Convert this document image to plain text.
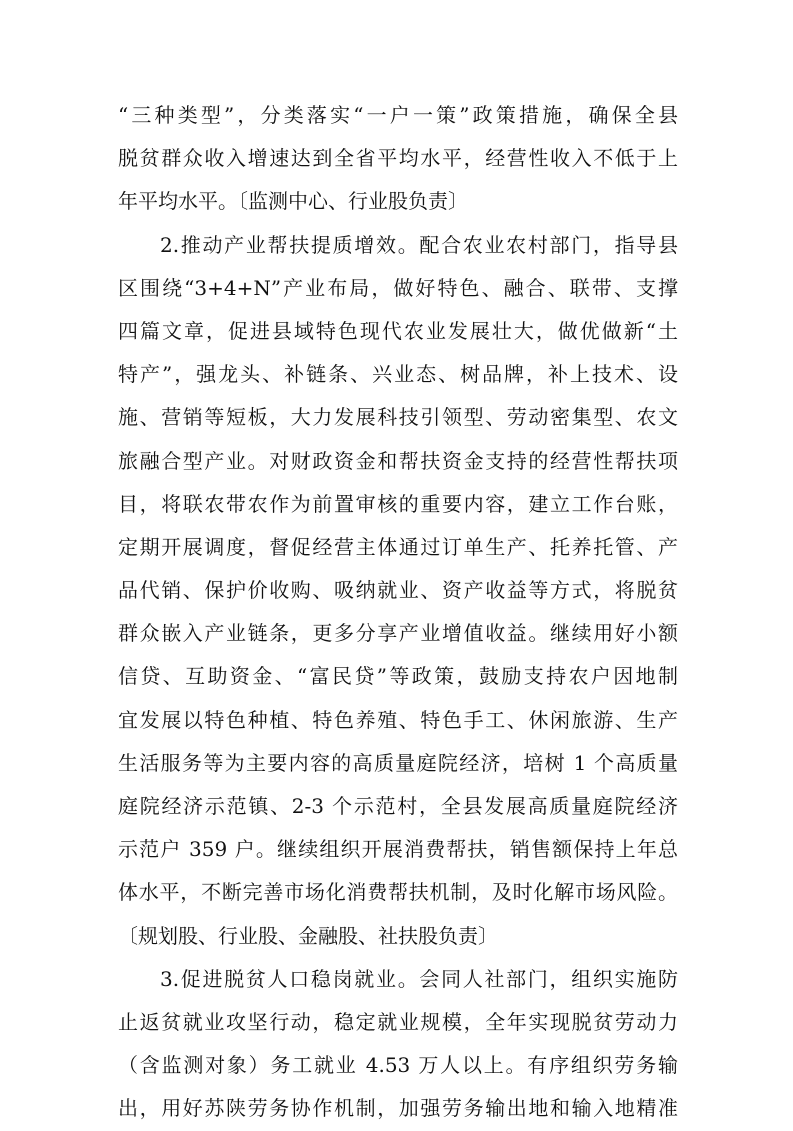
“三种类型”，分类落实“一户一策”政策措施，确保全县
脱贫群众收入增速达到全省平均水平，经营性收入不低于上
年平均水平。〔监测中心、行业股负责〕
2.推动产业帮扶提质增效。配合农业农村部门，指导县
区围绕“3+4+N”产业布局，做好特色、融合、联带、支撑
四篇文章，促进县域特色现代农业发展壮大，做优做新“土
特产”，强龙头、补链条、兴业态、树品牌，补上技术、设
施、营销等短板，大力发展科技引领型、劳动密集型、农文
旅融合型产业。对财政资金和帮扶资金支持的经营性帮扶项
目，将联农带农作为前置审核的重要内容，建立工作台账，
定期开展调度，督促经营主体通过订单生产、托养托管、产
品代销、保护价收购、吸纳就业、资产收益等方式，将脱贫
群众嵌入产业链条，更多分享产业增值收益。继续用好小额
信贷、互助资金、“富民贷”等政策，鼓励支持农户因地制
宜发展以特色种植、特色养殖、特色手工、休闲旅游、生产
生活服务等为主要内容的高质量庭院经济，培树 1 个高质量
庭院经济示范镇、2-3 个示范村，全县发展高质量庭院经济
示范户 359 户。继续组织开展消费帮扶，销售额保持上年总
体水平，不断完善市场化消费帮扶机制，及时化解市场风险。
〔规划股、行业股、金融股、社扶股负责〕
3.促进脱贫人口稳岗就业。会同人社部门，组织实施防
止返贫就业攻坚行动，稳定就业规模，全年实现脱贫劳动力
（含监测对象）务工就业 4.53 万人以上。有序组织劳务输
出，用好苏陕劳务协作机制，加强劳务输出地和输入地精准
